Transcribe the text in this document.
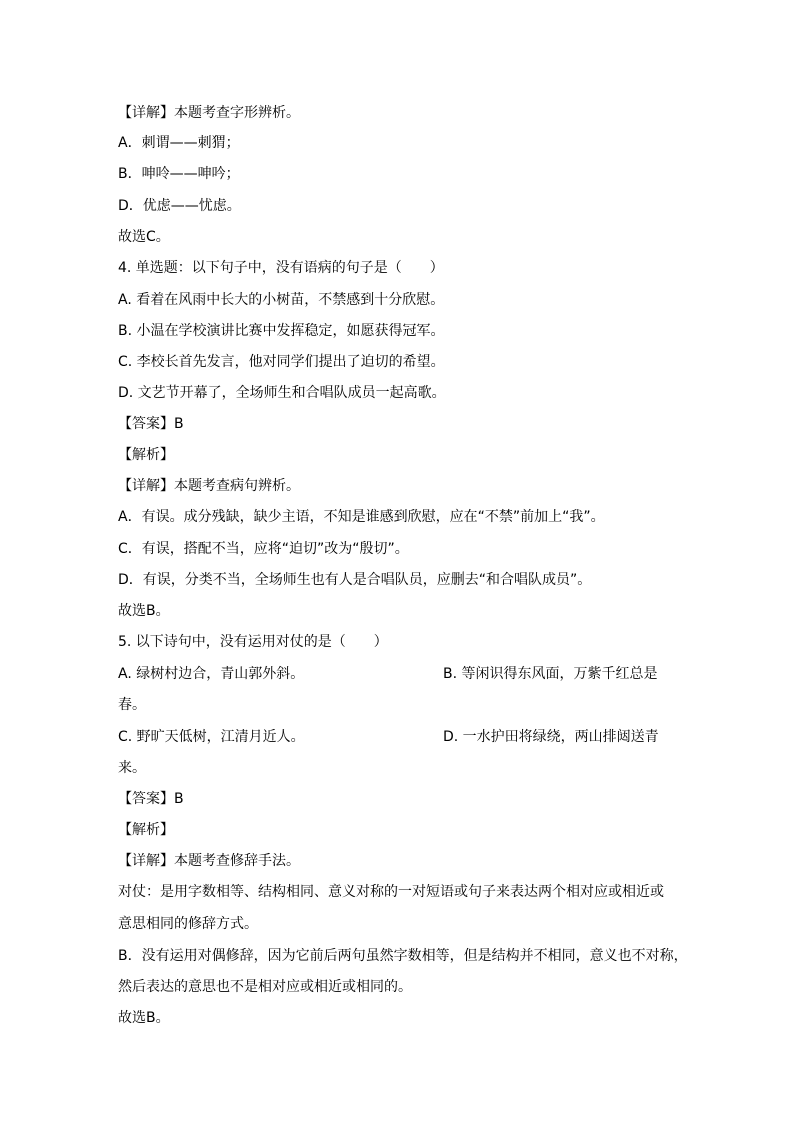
【详解】本题考查字形辨析。
A．刺谓——刺猬；
B．呻呤——呻吟；
D．优虑——忧虑。
故选C。
4. 单选题：以下句子中，没有语病的句子是（　　）
A. 看着在风雨中长大的小树苗，不禁感到十分欣慰。
B. 小温在学校演讲比赛中发挥稳定，如愿获得冠军。
C. 李校长首先发言，他对同学们提出了迫切的希望。
D. 文艺节开幕了，全场师生和合唱队成员一起高歌。
【答案】B
【解析】
【详解】本题考查病句辨析。
A．有误。成分残缺，缺少主语，不知是谁感到欣慰，应在“不禁”前加上“我”。
C．有误，搭配不当，应将“迫切”改为“殷切”。
D．有误，分类不当，全场师生也有人是合唱队员，应删去“和合唱队成员”。
故选B。
5. 以下诗句中，没有运用对仗的是（　　）
A. 绿树村边合，青山郭外斜。	B. 等闲识得东风面，万紫千红总是
春。
C. 野旷天低树，江清月近人。	D. 一水护田将绿绕，两山排闼送青
来。
【答案】B
【解析】
【详解】本题考查修辞手法。
对仗：是用字数相等、结构相同、意义对称的一对短语或句子来表达两个相对应或相近或
意思相同的修辞方式。
B．没有运用对偶修辞，因为它前后两句虽然字数相等，但是结构并不相同，意义也不对称，
然后表达的意思也不是相对应或相近或相同的。
故选B。
